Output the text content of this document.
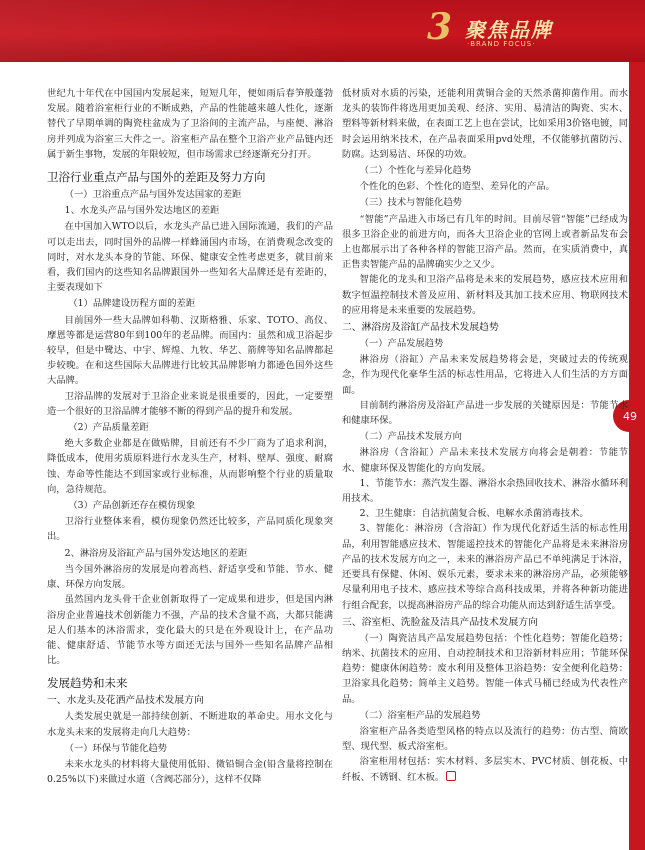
3 聚焦品牌
·BRAND FOCUS·
49

世纪九十年代在中国国内发展起来，短短几年，便如雨后春笋般蓬勃发展。随着浴室柜行业的不断成熟，产品的性能越来越人性化，逐渐替代了早期单调的陶瓷柱盆成为了卫浴间的主流产品，与座便、淋浴房并列成为浴室三大件之一。浴室柜产品在整个卫浴产业产品链内还属于新生事物，发展的年限较短，但市场需求已经逐渐充分打开。

卫浴行业重点产品与国外的差距及努力方向

（一）卫浴重点产品与国外发达国家的差距

1、水龙头产品与国外发达地区的差距

在中国加入WTO以后，水龙头产品已进入国际流通，我们的产品可以走出去，同时国外的品牌一样蜂涌国内市场，在消费观念改变的同时，对水龙头本身的节能、环保、健康安全性考虑更多，就目前来看，我们国内的这些知名品牌跟国外一些知名大品牌还是有差距的，主要表现如下

（1）品牌建设历程方面的差距

目前国外一些大品牌如科勒、汉斯格雅、乐家、TOTO、高仪、摩恩等都是运营80年到100年的老品牌。而国内：虽然和成卫浴起步较早，但是中鹭达、中宇、辉煌、九牧、华艺、箭牌等知名品牌都起步较晚。在和这些国际大品牌进行比较其品牌影响力都逊色国外这些大品牌。

卫浴品牌的发展对于卫浴企业来说是很重要的，因此，一定要塑造一个很好的卫浴品牌才能够不断的得到产品的提升和发展。

（2）产品质量差距

绝大多数企业都是在做贴牌，目前还有不少厂商为了追求利润，降低成本，使用劣质原料进行水龙头生产，材料、壁厚、强度、耐腐蚀、寿命等性能达不到国家或行业标准，从而影响整个行业的质量取向，急待规范。

（3）产品创新还存在模仿现象

卫浴行业整体来看，模仿现象仍然还比较多，产品同质化现象突出。

2、淋浴房及浴缸产品与国外发达地区的差距

当今国外淋浴房的发展是向着高档、舒适享受和节能、节水、健康、环保方向发展。

虽然国内龙头骨干企业创新取得了一定成果和进步，但是国内淋浴房企业普遍技术创新能力不强，产品的技术含量不高，大都只能满足人们基本的沐浴需求，变化最大的只是在外观设计上，在产品功能、健康舒适、节能节水等方面还无法与国外一些知名品牌产品相比。

发展趋势和未来

一、水龙头及花洒产品技术发展方向

人类发展史就是一部持续创新、不断进取的革命史。用水文化与水龙头未来的发展将走向几大趋势：

（一）环保与节能化趋势

未来水龙头的材料将大量使用低铅、微铅铜合金(铅含量将控制在0.25%以下)来做过水道（含阀芯部分），这样不仅降

低材质对水质的污染，还能利用黄铜合金的天然杀菌抑菌作用。而水龙头的装饰件将选用更加美观、经济、实用、易清洁的陶瓷、实木、塑料等新材料来做，在表面工艺上也在尝试，比如采用3价铬电镀，同时会运用纳米技术，在产品表面采用pvd处理，不仅能够抗菌防污、防腐。达到易洁、环保的功效。

（二）个性化与差异化趋势

个性化的色彩、个性化的造型、差异化的产品。

（三）技术与智能化趋势

“智能”产品进入市场已有几年的时间。目前尽管“智能”已经成为很多卫浴企业的前进方向，而各大卫浴企业的官网上或者新品发布会上也都展示出了各种各样的智能卫浴产品。然而，在实质消费中，真正售卖智能产品的品牌确实少之又少。

智能化的龙头和卫浴产品将是未来的发展趋势，感应技术应用和数字恒温控制技术普及应用、新材料及其加工技术应用、物联网技术的应用将是未来重要的发展趋势。

二、淋浴房及浴缸产品技术发展趋势

（一）产品发展趋势

淋浴房（浴缸）产品未来发展趋势将会是，突破过去的传统观念，作为现代化豪华生活的标志性用品，它将进入人们生活的方方面面。

目前制约淋浴房及浴缸产品进一步发展的关键原因是：节能节水和健康环保。

（二）产品技术发展方向

淋浴房（含浴缸）产品未来技术发展方向将会是朝着：节能节水、健康环保及智能化的方向发展。

1、节能节水：蒸汽发生器、淋浴水余热回收技术、淋浴水循环利用技术。

2、卫生健康：自洁抗菌复合板、电解水杀菌消毒技术。

3、智能化：淋浴房（含浴缸）作为现代化舒适生活的标志性用品，利用智能感应技术、智能遥控技术的智能化产品将是未来淋浴房产品的技术发展方向之一，未来的淋浴房产品已不单纯满足于沐浴，还要具有保健、休闲、娱乐元素，要求未来的淋浴房产品，必须能够尽量利用电子技术、感应技术等综合高科技成果，并将各种新功能进行组合配套，以提高淋浴房产品的综合功能从而达到舒适生活享受。

三、浴室柜、洗脸盆及洁具产品技术发展方向

（一）陶瓷洁具产品发展趋势包括：个性化趋势；智能化趋势；纳米、抗菌技术的应用、自动控制技术和卫浴新材料应用；节能环保趋势：健康休闲趋势：废水利用及整体卫浴趋势：安全便利化趋势：卫浴家具化趋势；简单主义趋势。智能一体式马桶已经成为代表性产品。

（二）浴室柜产品的发展趋势

浴室柜产品各类造型风格的特点以及流行的趋势：仿古型、简欧型、现代型、板式浴室柜。

浴室柜用材包括：实木材料、多层实木、PVC材质、刨花板、中纤板、不锈钢、红木板。
